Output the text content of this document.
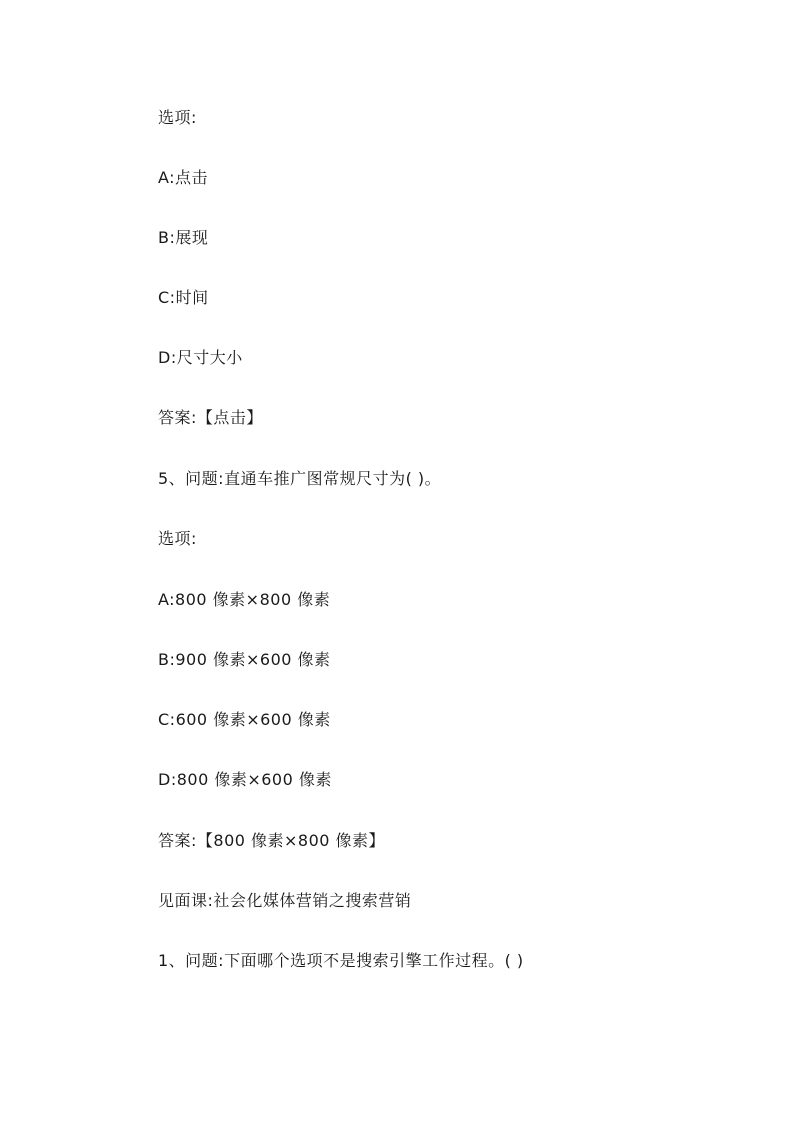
选项:
A:点击
B:展现
C:时间
D:尺寸大小
答案:【点击】
5、问题:直通车推广图常规尺寸为( )。
选项:
A:800 像素×800 像素
B:900 像素×600 像素
C:600 像素×600 像素
D:800 像素×600 像素
答案:【800 像素×800 像素】
见面课:社会化媒体营销之搜索营销
1、问题:下面哪个选项不是搜索引擎工作过程。( )
